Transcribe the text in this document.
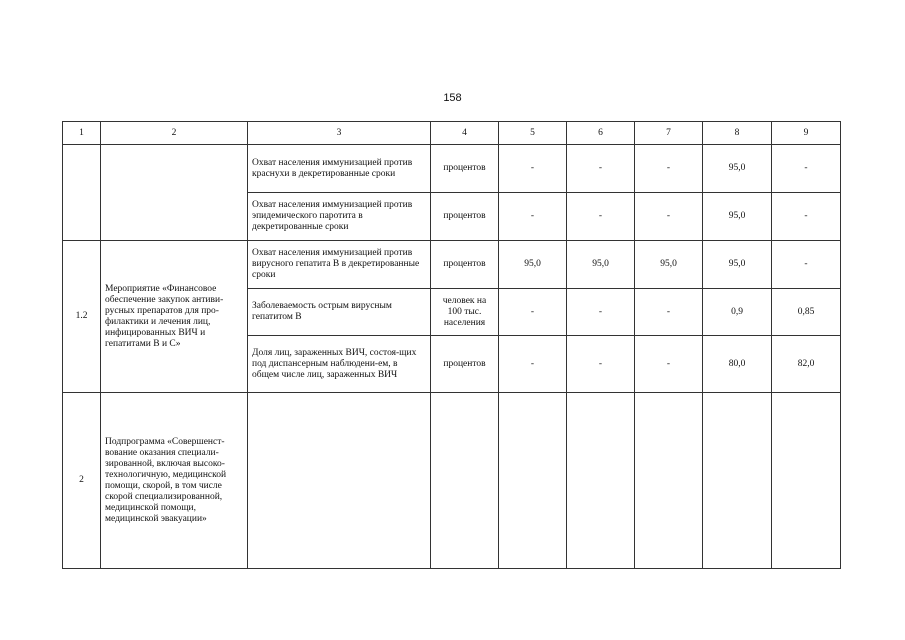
158
1	2	3	4	5	6	7	8	9
		Охват населения иммунизацией против краснухи в декретированные сроки	процентов	-	-	-	95,0	-
		Охват населения иммунизацией против эпидемического паротита в декретированные сроки	процентов	-	-	-	95,0	-
1.2	Мероприятие «Финансовое обеспечение закупок антиви-русных препаратов для про-филактики и лечения лиц, инфицированных ВИЧ и гепатитами В и С»	Охват населения иммунизацией против вирусного гепатита В в декретированные сроки	процентов	95,0	95,0	95,0	95,0	-
		Заболеваемость острым вирусным гепатитом В	человек на 100 тыс. населения	-	-	-	0,9	0,85
		Доля лиц, зараженных ВИЧ, состоя-щих под диспансерным наблюдени-ем, в общем числе лиц, зараженных ВИЧ	процентов	-	-	-	80,0	82,0
2	Подпрограмма «Совершенст-вование оказания специали-зированной, включая высоко-технологичную, медицинской помощи, скорой, в том числе скорой специализированной, медицинской помощи, медицинской эвакуации»							
